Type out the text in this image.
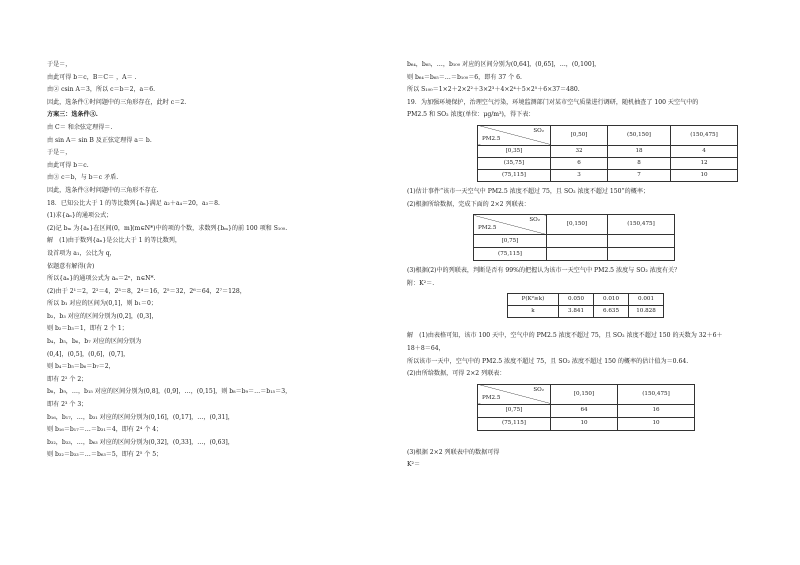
于是＝，
由此可得 b＝c，B＝C＝ ，A＝ .
由② csin A＝3，所以 c＝b＝2，a＝6.
因此，选条件①时问题中的三角形存在，此时 c＝2.
方案三：选条件③.
由 C＝ 和余弦定理得＝.
由 sin A＝ sin B 及正弦定理得 a＝ b.
于是＝，
由此可得 b＝c.
由③ c＝b，与 b＝c 矛盾.
因此，选条件③时问题中的三角形不存在.
18．已知公比大于 1 的等比数列{aₙ}满足 a₂＋a₄＝20，a₃＝8.
(1)求{aₙ}的通项公式；
(2)记 bₘ 为{aₙ}在区间(0，m](m∈N*)中的项的个数，求数列{bₘ}的前 100 项和 S₁₀₀.
解　(1)由于数列{aₙ}是公比大于 1 的等比数列，
设首项为 a₁，公比为 q，
依题意有解得(舍)
所以{aₙ}的通项公式为 aₙ＝2ⁿ，n∈N*.
(2)由于 2¹＝2，2²＝4，2³＝8，2⁴＝16，2⁵＝32，2⁶＝64，2⁷＝128，
所以 b₁ 对应的区间为(0,1]，则 b₁＝0；
b₂，b₃ 对应的区间分别为(0,2]，(0,3]，
则 b₂＝b₃＝1，即有 2 个 1；
b₄，b₅，b₆，b₇ 对应的区间分别为
(0,4]，(0,5]，(0,6]，(0,7]，
则 b₄＝b₅＝b₆＝b₇＝2，
即有 2² 个 2；
b₈，b₉，…，b₁₅ 对应的区间分别为(0,8]，(0,9]，…，(0,15]，则 b₈＝b₉＝…＝b₁₅＝3，
即有 2³ 个 3；
b₁₆，b₁₇，…，b₃₁ 对应的区间分别为(0,16]，(0,17]，…，(0,31]，
则 b₁₆＝b₁₇＝…＝b₃₁＝4，即有 2⁴ 个 4；
b₃₂，b₃₃，…，b₆₃ 对应的区间分别为(0,32]，(0,33]，…，(0,63]，
则 b₃₂＝b₃₃＝…＝b₆₃＝5，即有 2⁵ 个 5；
b₆₄，b₆₅，…，b₁₀₀ 对应的区间分别为(0,64]，(0,65]，…，(0,100]，
则 b₆₄＝b₆₅＝…＝b₁₀₀＝6，即有 37 个 6.
所以 S₁₀₀＝1×2＋2×2²＋3×2³＋4×2⁴＋5×2⁵＋6×37＝480.
19．为加强环境保护，治理空气污染，环境监测部门对某市空气质量进行调研，随机抽查了 100 天空气中的
PM2.5 和 SO₂ 浓度(单位：μg/m³)，得下表：
SO₂
PM2.5	[0,50]	(50,150]	(150,475]
[0,35]	32	18	4
(35,75]	6	8	12
(75,115]	3	7	10
(1)估计事件“该市一天空气中 PM2.5 浓度不超过 75，且 SO₂ 浓度不超过 150”的概率；
(2)根据所给数据，完成下面的 2×2 列联表：
SO₂
PM2.5	[0,150]	(150,475]
[0,75]		
(75,115]		
(3)根据(2)中的列联表，判断是否有 99%的把握认为该市一天空气中 PM2.5 浓度与 SO₂ 浓度有关？
附：K²＝.
P(K²≥k)	0.050	0.010	0.001
k	3.841	6.635	10.828
解　(1)由表格可知，该市 100 天中，空气中的 PM2.5 浓度不超过 75，且 SO₂ 浓度不超过 150 的天数为 32＋6＋
18＋8＝64，
所以该市一天中，空气中的 PM2.5 浓度不超过 75，且 SO₂ 浓度不超过 150 的概率的估计值为＝0.64.
(2)由所给数据，可得 2×2 列联表：
SO₂
PM2.5	[0,150]	(150,475]
[0,75]	64	16
(75,115]	10	10
(3)根据 2×2 列联表中的数据可得
K²＝
